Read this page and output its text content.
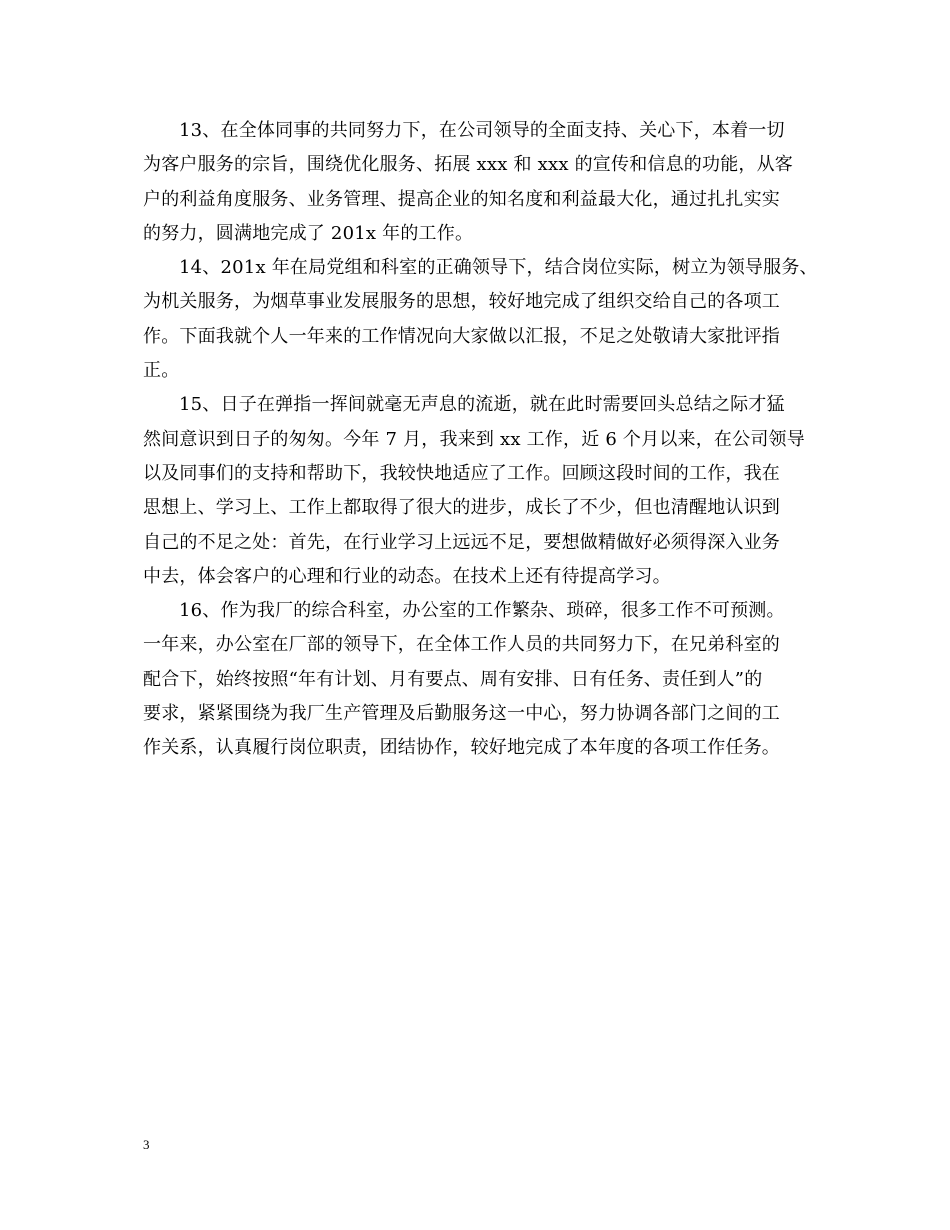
13、在全体同事的共同努力下，在公司领导的全面支持、关心下，本着一切
为客户服务的宗旨，围绕优化服务、拓展 xxx 和 xxx 的宣传和信息的功能，从客
户的利益角度服务、业务管理、提高企业的知名度和利益最大化，通过扎扎实实
的努力，圆满地完成了 201x 年的工作。
14、201x 年在局党组和科室的正确领导下，结合岗位实际，树立为领导服务、
为机关服务，为烟草事业发展服务的思想，较好地完成了组织交给自己的各项工
作。下面我就个人一年来的工作情况向大家做以汇报，不足之处敬请大家批评指
正。
15、日子在弹指一挥间就毫无声息的流逝，就在此时需要回头总结之际才猛
然间意识到日子的匆匆。今年 7 月，我来到 xx 工作，近 6 个月以来，在公司领导
以及同事们的支持和帮助下，我较快地适应了工作。回顾这段时间的工作，我在
思想上、学习上、工作上都取得了很大的进步，成长了不少，但也清醒地认识到
自己的不足之处：首先，在行业学习上远远不足，要想做精做好必须得深入业务
中去，体会客户的心理和行业的动态。在技术上还有待提高学习。
16、作为我厂的综合科室，办公室的工作繁杂、琐碎，很多工作不可预测。
一年来，办公室在厂部的领导下，在全体工作人员的共同努力下，在兄弟科室的
配合下，始终按照“年有计划、月有要点、周有安排、日有任务、责任到人”的
要求，紧紧围绕为我厂生产管理及后勤服务这一中心，努力协调各部门之间的工
作关系，认真履行岗位职责，团结协作，较好地完成了本年度的各项工作任务。
3
